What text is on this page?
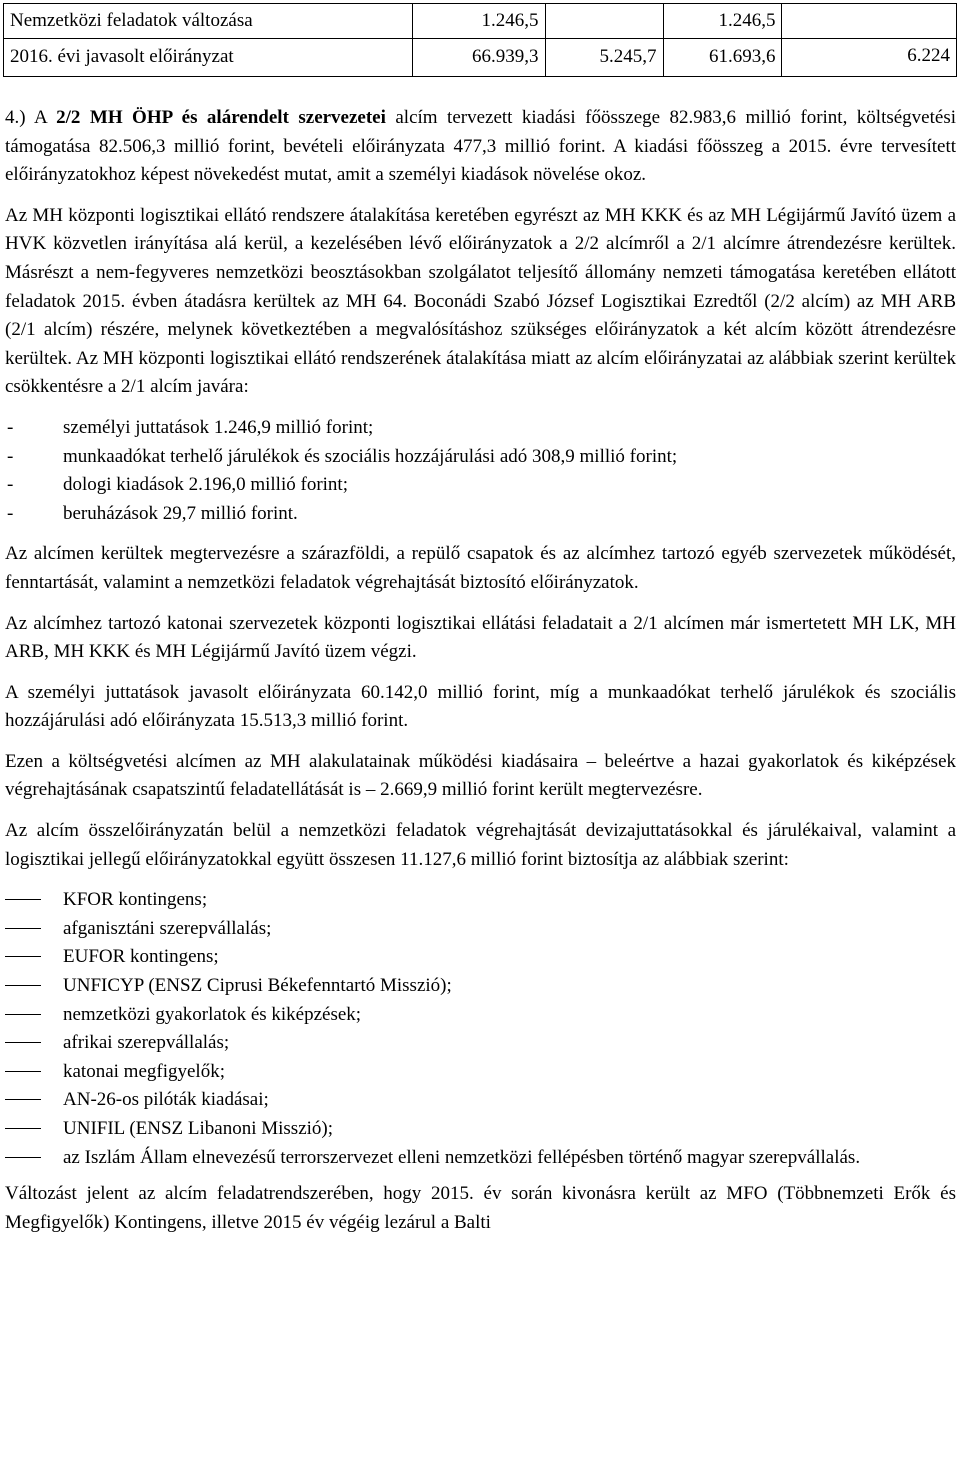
Nemzetközi feladatok változása	1.246,5		1.246,5	
2016. évi javasolt előirányzat	66.939,3	5.245,7	61.693,6	6.224

4.) A 2/2 MH ÖHP és alárendelt szervezetei alcím tervezett kiadási főösszege 82.983,6 millió forint, költségvetési támogatása 82.506,3 millió forint, bevételi előirányzata 477,3 millió forint. A kiadási főösszeg a 2015. évre tervesített előirányzatokhoz képest növekedést mutat, amit a személyi kiadások növelése okoz.

Az MH központi logisztikai ellátó rendszere átalakítása keretében egyrészt az MH KKK és az MH Légijármű Javító üzem a HVK közvetlen irányítása alá kerül, a kezelésében lévő előirányzatok a 2/2 alcímről a 2/1 alcímre átrendezésre kerültek. Másrészt a nem-fegyveres nemzetközi beosztásokban szolgálatot teljesítő állomány nemzeti támogatása keretében ellátott feladatok 2015. évben átadásra kerültek az MH 64. Boconádi Szabó József Logisztikai Ezredtől (2/2 alcím) az MH ARB (2/1 alcím) részére, melynek következtében a megvalósításhoz szükséges előirányzatok a két alcím között átrendezésre kerültek. Az MH központi logisztikai ellátó rendszerének átalakítása miatt az alcím előirányzatai az alábbiak szerint kerültek csökkentésre a 2/1 alcím javára:

-	személyi juttatások 1.246,9 millió forint;
-	munkaadókat terhelő járulékok és szociális hozzájárulási adó 308,9 millió forint;
-	dologi kiadások 2.196,0 millió forint;
-	beruházások 29,7 millió forint.

Az alcímen kerültek megtervezésre a szárazföldi, a repülő csapatok és az alcímhez tartozó egyéb szervezetek működését, fenntartását, valamint a nemzetközi feladatok végrehajtását biztosító előirányzatok.

Az alcímhez tartozó katonai szervezetek központi logisztikai ellátási feladatait a 2/1 alcímen már ismertetett MH LK, MH ARB, MH KKK és MH Légijármű Javító üzem végzi.

A személyi juttatások javasolt előirányzata 60.142,0 millió forint, míg a munkaadókat terhelő járulékok és szociális hozzájárulási adó előirányzata 15.513,3 millió forint.

Ezen a költségvetési alcímen az MH alakulatainak működési kiadásaira – beleértve a hazai gyakorlatok és kiképzések végrehajtásának csapatszintű feladatellátását is – 2.669,9 millió forint került megtervezésre.

Az alcím összelőirányzatán belül a nemzetközi feladatok végrehajtását devizajuttatásokkal és járulékaival, valamint a logisztikai jellegű előirányzatokkal együtt összesen 11.127,6 millió forint biztosítja az alábbiak szerint:

KFOR kontingens;
afganisztáni szerepvállalás;
EUFOR kontingens;
UNFICYP (ENSZ Ciprusi Békefenntartó Misszió);
nemzetközi gyakorlatok és kiképzések;
afrikai szerepvállalás;
katonai megfigyelők;
AN-26-os pilóták kiadásai;
UNIFIL (ENSZ Libanoni Misszió);
az Iszlám Állam elnevezésű terrorszervezet elleni nemzetközi fellépésben történő magyar szerepvállalás.

Változást jelent az alcím feladatrendszerében, hogy 2015. év során kivonásra került az MFO (Többnemzeti Erők és Megfigyelők) Kontingens, illetve 2015 év végéig lezárul a Balti
